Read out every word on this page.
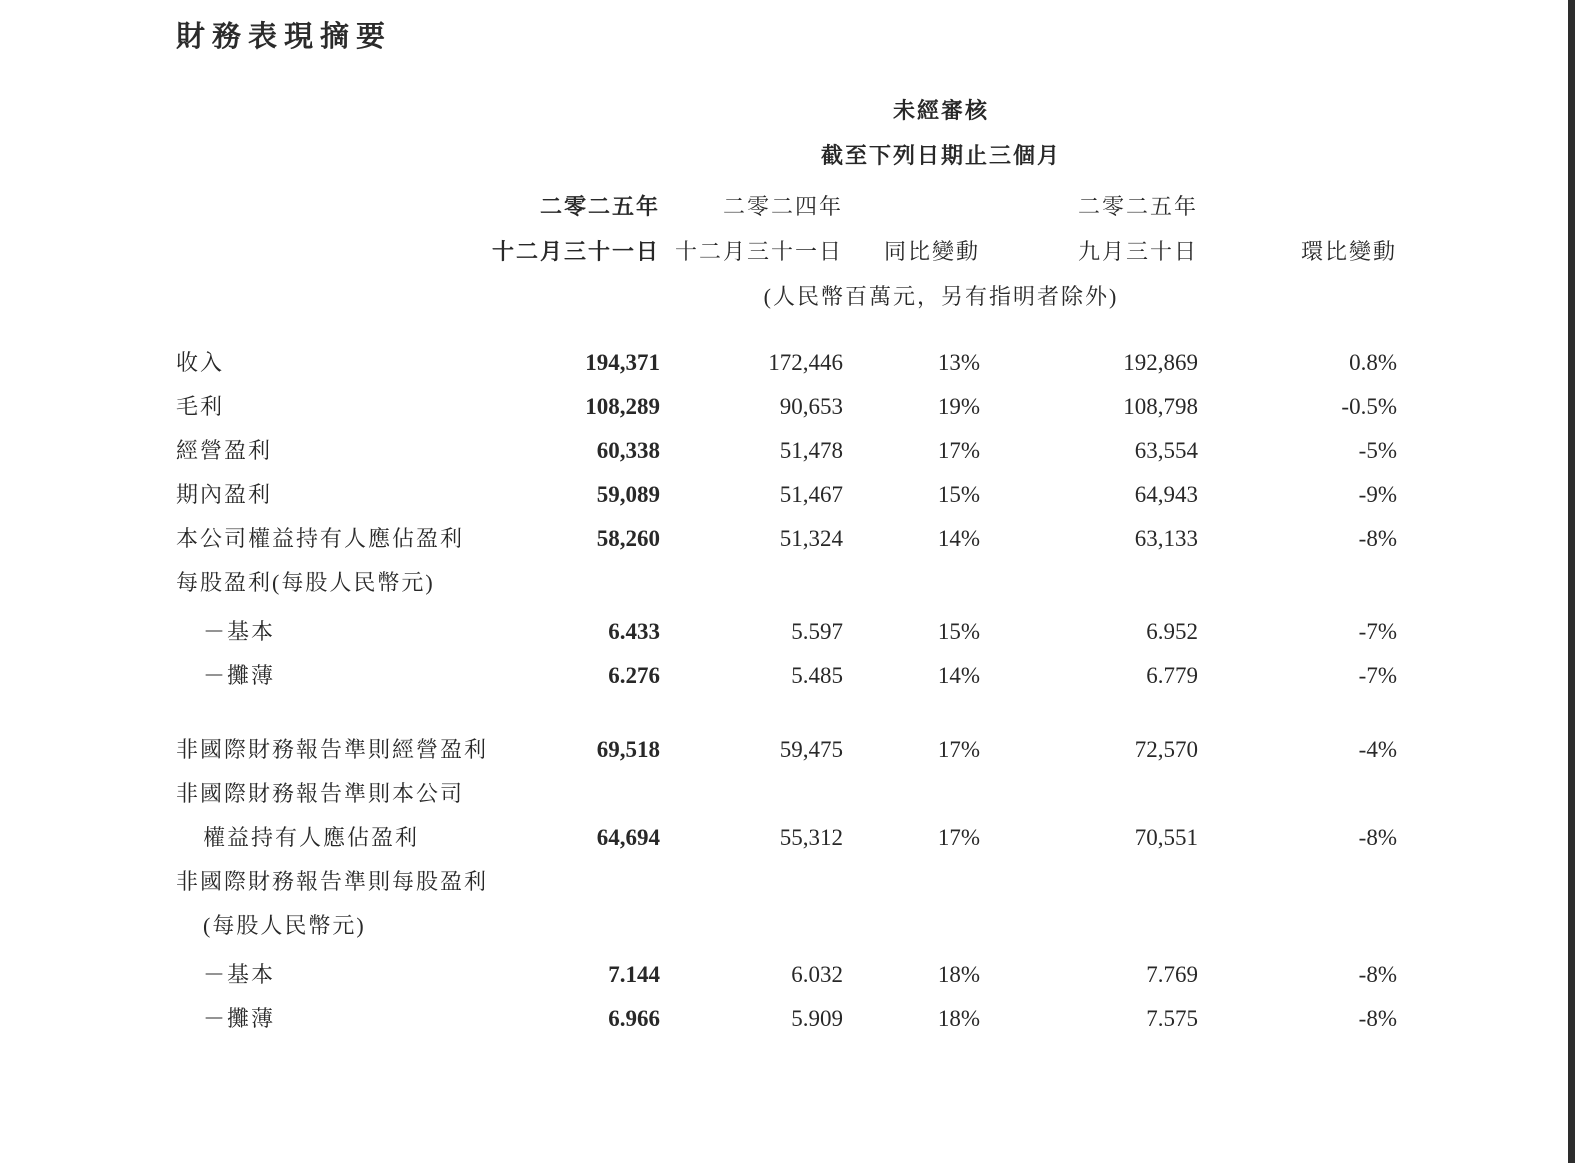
財務表現摘要
	未經審核				
	截至下列日期止三個月				
	二零二五年	二零二四年		二零二五年	
	十二月三十一日	十二月三十一日	同比變動	九月三十日	環比變動
	(人民幣百萬元，另有指明者除外)				
收入	194,371	172,446	13%	192,869	0.8%
毛利	108,289	90,653	19%	108,798	-0.5%
經營盈利	60,338	51,478	17%	63,554	-5%
期內盈利	59,089	51,467	15%	64,943	-9%
本公司權益持有人應佔盈利	58,260	51,324	14%	63,133	-8%
每股盈利(每股人民幣元)					
－基本	6.433	5.597	15%	6.952	-7%
－攤薄	6.276	5.485	14%	6.779	-7%
非國際財務報告準則經營盈利	69,518	59,475	17%	72,570	-4%
非國際財務報告準則本公司					
權益持有人應佔盈利	64,694	55,312	17%	70,551	-8%
非國際財務報告準則每股盈利					
(每股人民幣元)					
－基本	7.144	6.032	18%	7.769	-8%
－攤薄	6.966	5.909	18%	7.575	-8%
